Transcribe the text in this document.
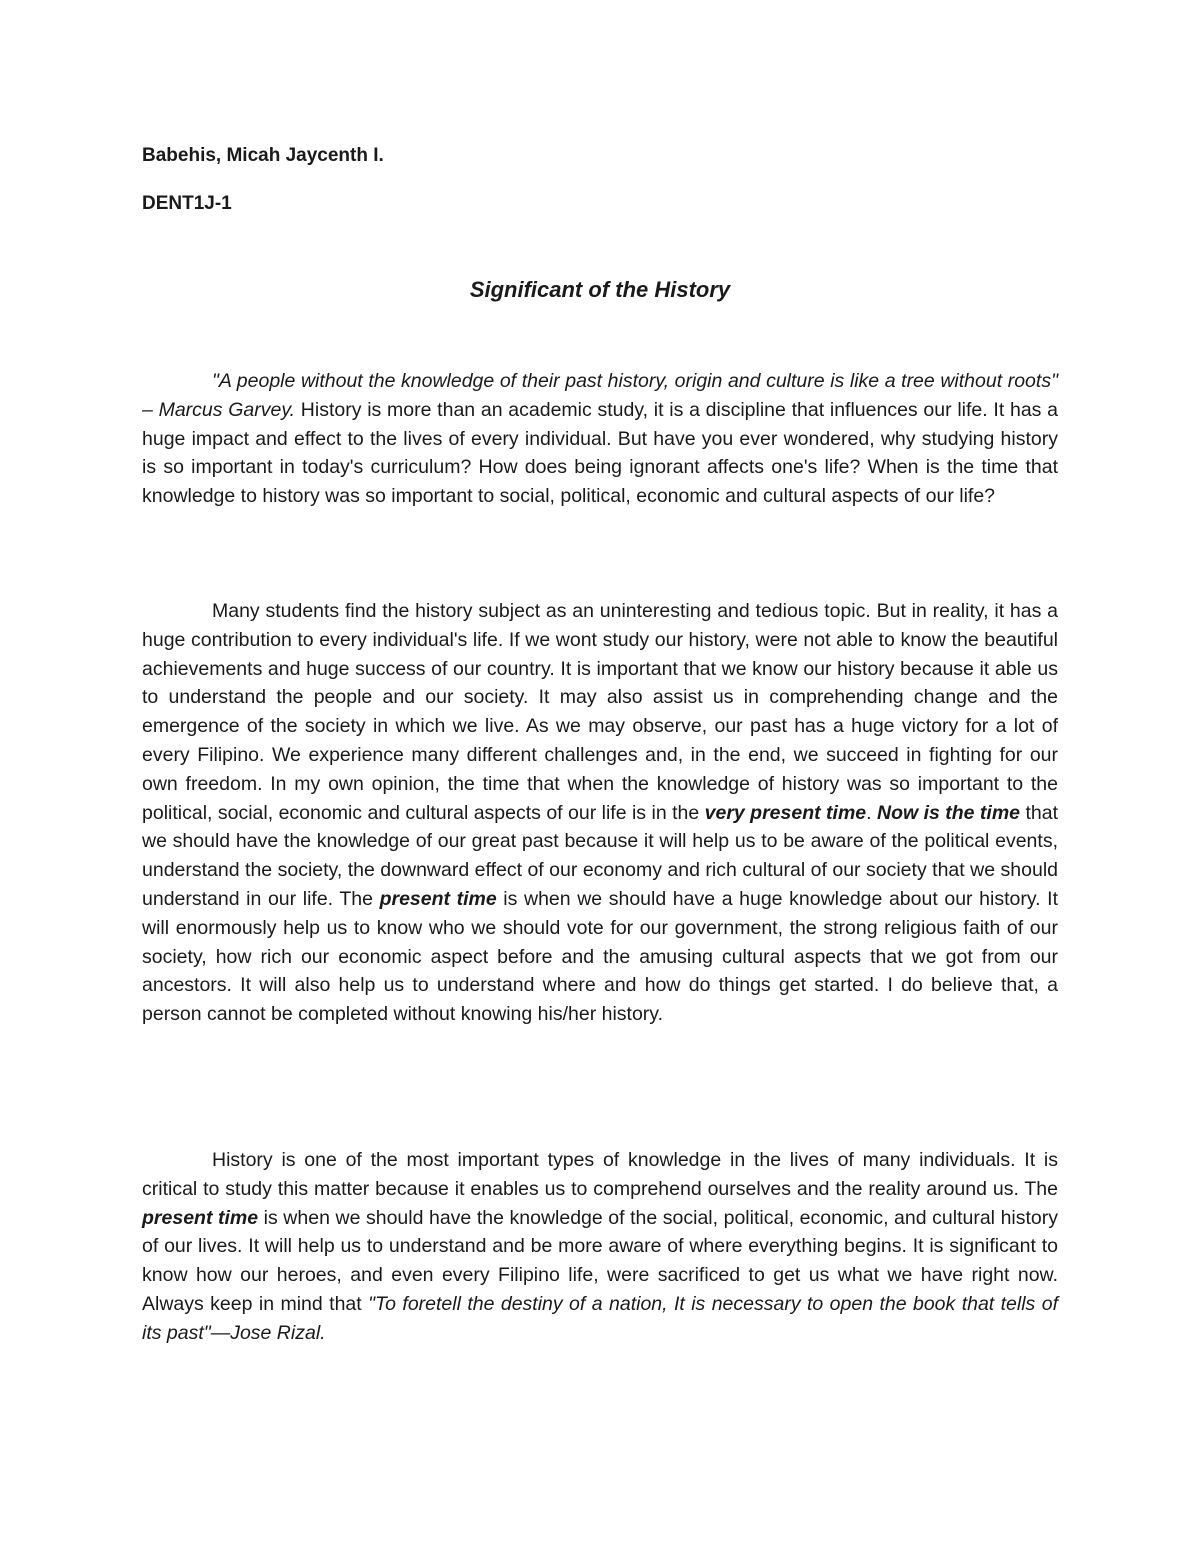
Babehis, Micah Jaycenth I.

DENT1J-1

Significant of the History

"A people without the knowledge of their past history, origin and culture is like a tree without roots" – Marcus Garvey. History is more than an academic study, it is a discipline that influences our life. It has a huge impact and effect to the lives of every individual. But have you ever wondered, why studying history is so important in today's curriculum? How does being ignorant affects one's life? When is the time that knowledge to history was so important to social, political, economic and cultural aspects of our life?

Many students find the history subject as an uninteresting and tedious topic. But in reality, it has a huge contribution to every individual's life. If we wont study our history, were not able to know the beautiful achievements and huge success of our country. It is important that we know our history because it able us to understand the people and our society. It may also assist us in comprehending change and the emergence of the society in which we live. As we may observe, our past has a huge victory for a lot of every Filipino. We experience many different challenges and, in the end, we succeed in fighting for our own freedom. In my own opinion, the time that when the knowledge of history was so important to the political, social, economic and cultural aspects of our life is in the very present time. Now is the time that we should have the knowledge of our great past because it will help us to be aware of the political events, understand the society, the downward effect of our economy and rich cultural of our society that we should understand in our life. The present time is when we should have a huge knowledge about our history. It will enormously help us to know who we should vote for our government, the strong religious faith of our society, how rich our economic aspect before and the amusing cultural aspects that we got from our ancestors. It will also help us to understand where and how do things get started. I do believe that, a person cannot be completed without knowing his/her history.

History is one of the most important types of knowledge in the lives of many individuals. It is critical to study this matter because it enables us to comprehend ourselves and the reality around us. The present time is when we should have the knowledge of the social, political, economic, and cultural history of our lives. It will help us to understand and be more aware of where everything begins. It is significant to know how our heroes, and even every Filipino life, were sacrificed to get us what we have right now. Always keep in mind that "To foretell the destiny of a nation, It is necessary to open the book that tells of its past"—Jose Rizal.
